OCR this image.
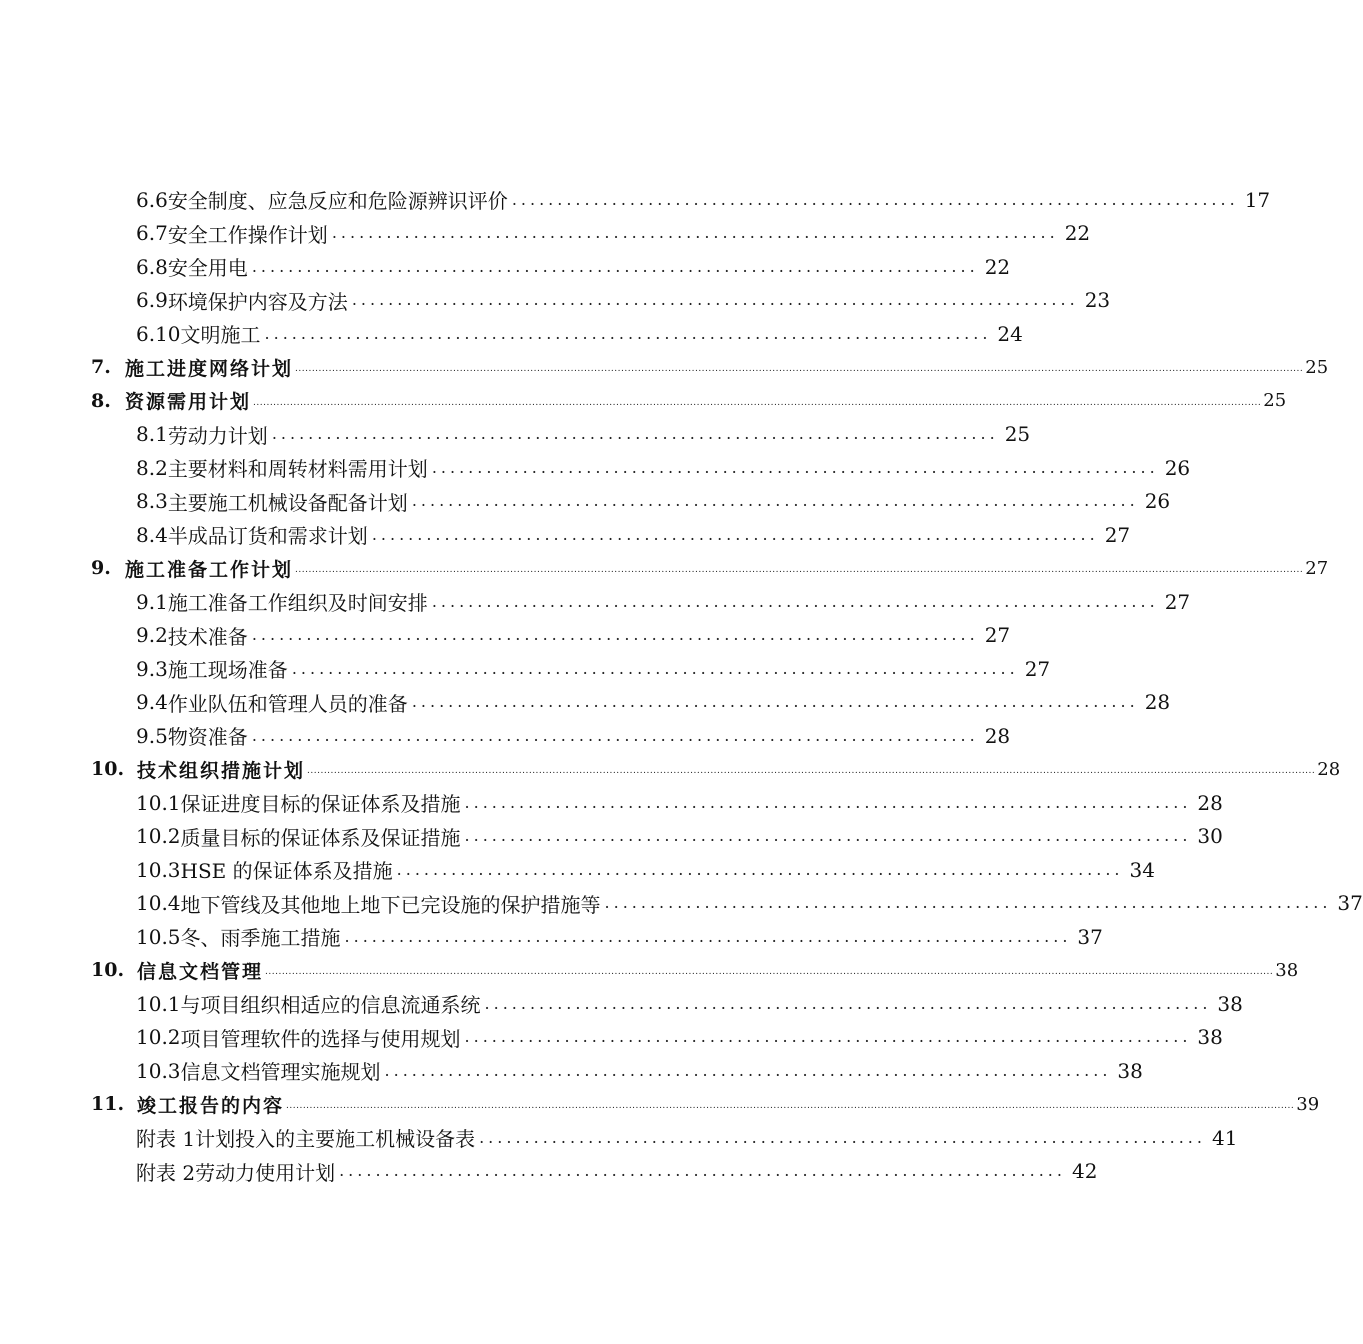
6.6 安全制度、应急反应和危险源辨识评价 ................................................................................ 17
6.7 安全工作操作计划 ................................................................................ 22
6.8 安全用电 ................................................................................ 22
6.9 环境保护内容及方法 ................................................................................ 23
6.10 文明施工 ................................................................................ 24
7. 施工进度网络计划 ............................................................................................................................................................................................................................................................................................................ 25
8. 资源需用计划 ............................................................................................................................................................................................................................................................................................................ 25
8.1 劳动力计划 ................................................................................ 25
8.2 主要材料和周转材料需用计划 ................................................................................ 26
8.3 主要施工机械设备配备计划 ................................................................................ 26
8.4 半成品订货和需求计划 ................................................................................ 27
9. 施工准备工作计划 ............................................................................................................................................................................................................................................................................................................ 27
9.1 施工准备工作组织及时间安排 ................................................................................ 27
9.2 技术准备 ................................................................................ 27
9.3 施工现场准备 ................................................................................ 27
9.4 作业队伍和管理人员的准备 ................................................................................ 28
9.5 物资准备 ................................................................................ 28
10. 技术组织措施计划 ............................................................................................................................................................................................................................................................................................................ 28
10.1 保证进度目标的保证体系及措施 ................................................................................ 28
10.2 质量目标的保证体系及保证措施 ................................................................................ 30
10.3 HSE 的保证体系及措施 ................................................................................ 34
10.4 地下管线及其他地上地下已完设施的保护措施等 ................................................................................ 37
10.5 冬、雨季施工措施 ................................................................................ 37
10. 信息文档管理 ............................................................................................................................................................................................................................................................................................................ 38
10.1 与项目组织相适应的信息流通系统 ................................................................................ 38
10.2 项目管理软件的选择与使用规划 ................................................................................ 38
10.3 信息文档管理实施规划 ................................................................................ 38
11. 竣工报告的内容 ............................................................................................................................................................................................................................................................................................................ 39
附表 1 计划投入的主要施工机械设备表 ................................................................................ 41
附表 2 劳动力使用计划 ................................................................................ 42
